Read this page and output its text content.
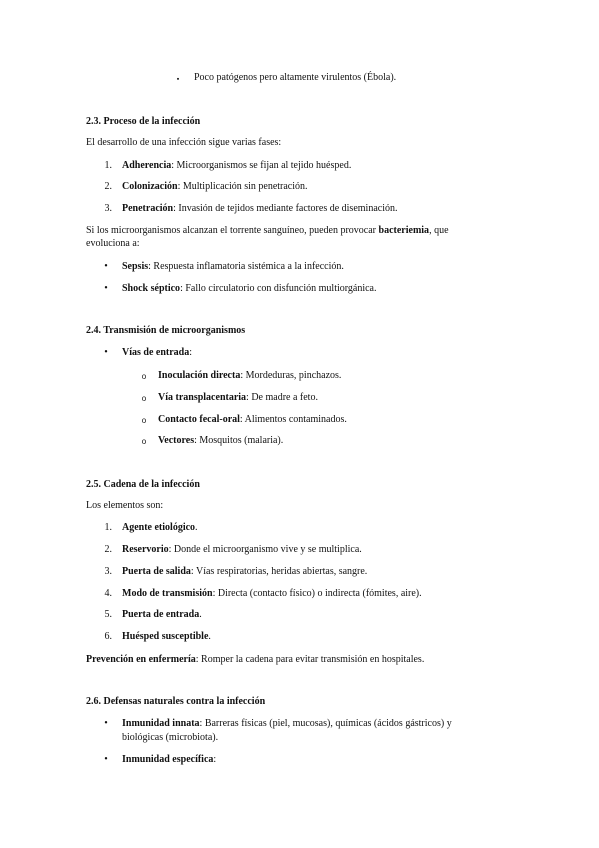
▪	Poco patógenos pero altamente virulentos (Ébola).
2.3. Proceso de la infección
El desarrollo de una infección sigue varias fases:
1. Adherencia: Microorganismos se fijan al tejido huésped.
2. Colonización: Multiplicación sin penetración.
3. Penetración: Invasión de tejidos mediante factores de diseminación.
Si los microorganismos alcanzan el torrente sanguíneo, pueden provocar bacteriemia, que
evoluciona a:
•	Sepsis: Respuesta inflamatoria sistémica a la infección.
•	Shock séptico: Fallo circulatorio con disfunción multiorgánica.
2.4. Transmisión de microorganismos
•	Vías de entrada:
o	Inoculación directa: Mordeduras, pinchazos.
o	Vía transplacentaria: De madre a feto.
o	Contacto fecal-oral: Alimentos contaminados.
o	Vectores: Mosquitos (malaria).
2.5. Cadena de la infección
Los elementos son:
1. Agente etiológico.
2. Reservorio: Donde el microorganismo vive y se multiplica.
3. Puerta de salida: Vías respiratorias, heridas abiertas, sangre.
4. Modo de transmisión: Directa (contacto físico) o indirecta (fómites, aire).
5. Puerta de entrada.
6. Huésped susceptible.
Prevención en enfermería: Romper la cadena para evitar transmisión en hospitales.
2.6. Defensas naturales contra la infección
•	Inmunidad innata: Barreras físicas (piel, mucosas), químicas (ácidos gástricos) y
biológicas (microbiota).
•	Inmunidad específica:
